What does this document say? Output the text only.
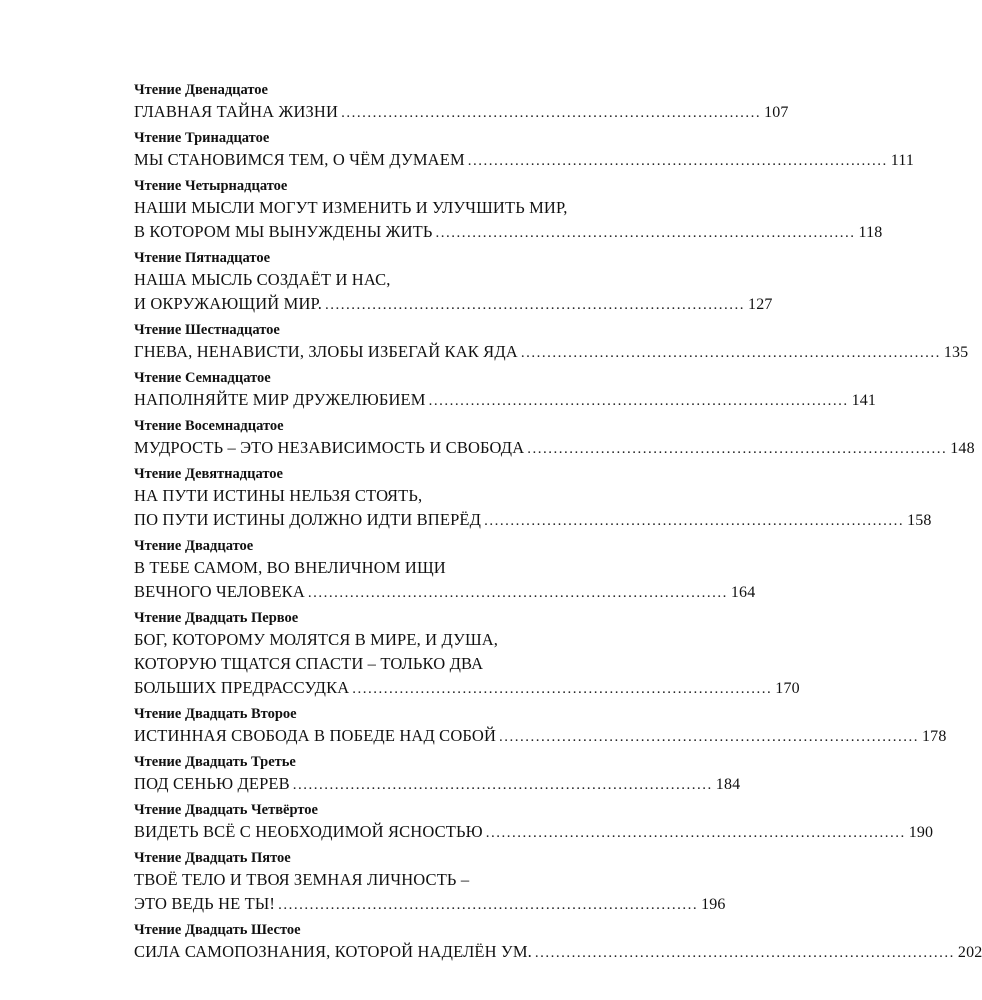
Чтение Двенадцатое
ГЛАВНАЯ ТАЙНА ЖИЗНИ ................................................................................ 107
Чтение Тринадцатое
МЫ СТАНОВИМСЯ ТЕМ, О ЧЁМ ДУМАЕМ ................................................................................ 111
Чтение Четырнадцатое
НАШИ МЫСЛИ МОГУТ ИЗМЕНИТЬ И УЛУЧШИТЬ МИР,
В КОТОРОМ МЫ ВЫНУЖДЕНЫ ЖИТЬ ................................................................................ 118
Чтение Пятнадцатое
НАША МЫСЛЬ СОЗДАЁТ И НАС,
И ОКРУЖАЮЩИЙ МИР. ................................................................................ 127
Чтение Шестнадцатое
ГНЕВА, НЕНАВИСТИ, ЗЛОБЫ ИЗБЕГАЙ КАК ЯДА ................................................................................ 135
Чтение Семнадцатое
НАПОЛНЯЙТЕ МИР ДРУЖЕЛЮБИЕМ ................................................................................ 141
Чтение Восемнадцатое
МУДРОСТЬ – ЭТО НЕЗАВИСИМОСТЬ И СВОБОДА ................................................................................ 148
Чтение Девятнадцатое
НА ПУТИ ИСТИНЫ НЕЛЬЗЯ СТОЯТЬ,
ПО ПУТИ ИСТИНЫ ДОЛЖНО ИДТИ ВПЕРЁД ................................................................................ 158
Чтение Двадцатое
В ТЕБЕ САМОМ, ВО ВНЕЛИЧНОМ ИЩИ
ВЕЧНОГО ЧЕЛОВЕКА ................................................................................ 164
Чтение Двадцать Первое
БОГ, КОТОРОМУ МОЛЯТСЯ В МИРЕ, И ДУША,
КОТОРУЮ ТЩАТСЯ СПАСТИ – ТОЛЬКО ДВА
БОЛЬШИХ ПРЕДРАССУДКА ................................................................................ 170
Чтение Двадцать Второе
ИСТИННАЯ СВОБОДА В ПОБЕДЕ НАД СОБОЙ ................................................................................ 178
Чтение Двадцать Третье
ПОД СЕНЬЮ ДЕРЕВ ................................................................................ 184
Чтение Двадцать Четвёртое
ВИДЕТЬ ВСЁ С НЕОБХОДИМОЙ ЯСНОСТЬЮ ................................................................................ 190
Чтение Двадцать Пятое
ТВОЁ ТЕЛО И ТВОЯ ЗЕМНАЯ ЛИЧНОСТЬ –
ЭТО ВЕДЬ НЕ ТЫ! ................................................................................ 196
Чтение Двадцать Шестое
СИЛА САМОПОЗНАНИЯ, КОТОРОЙ НАДЕЛЁН УМ. ................................................................................ 202
